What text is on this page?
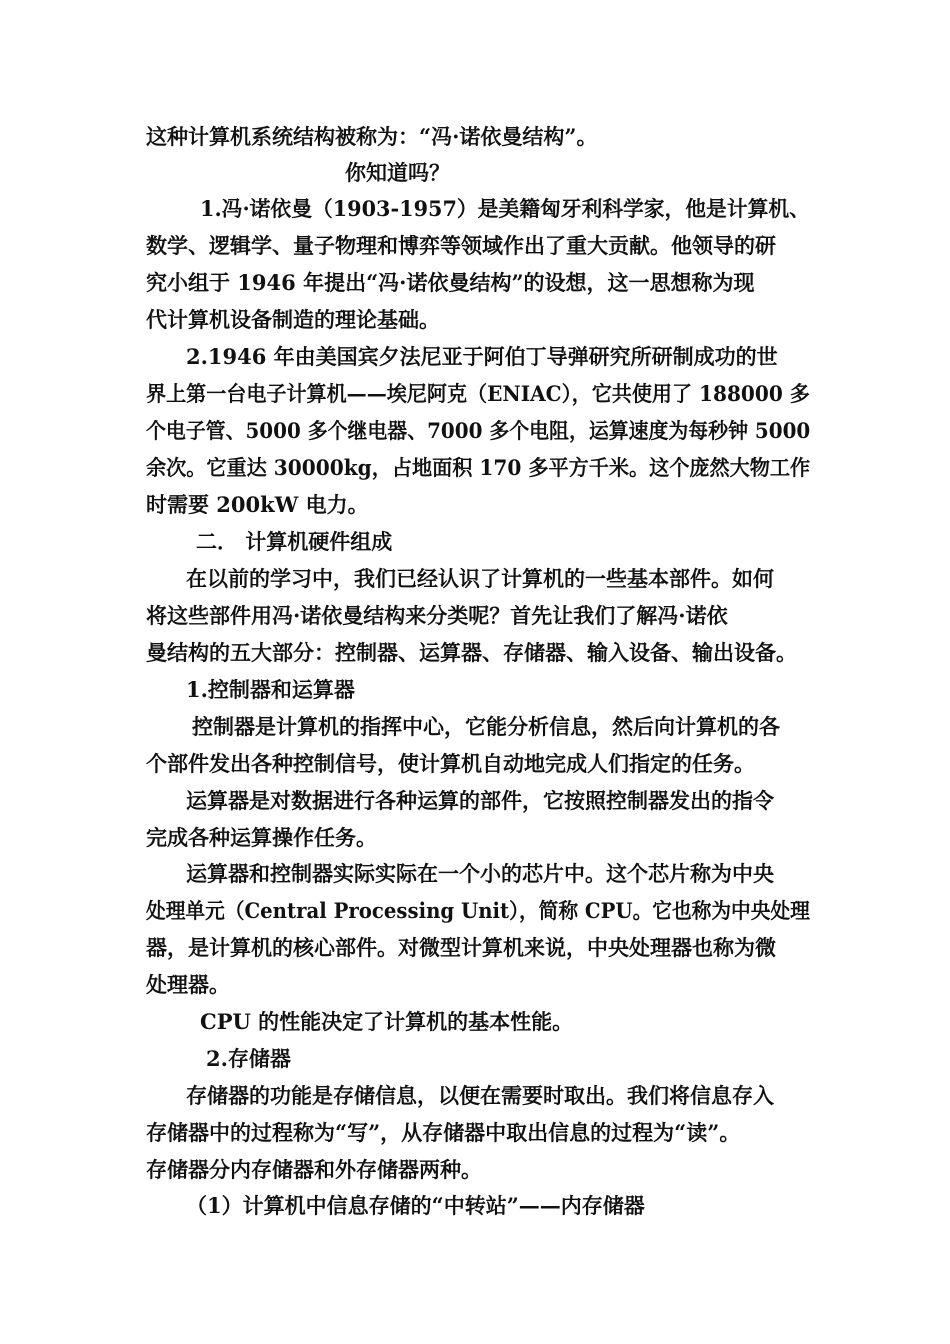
这种计算机系统结构被称为：“冯·诺依曼结构”。
你知道吗？
1.冯·诺依曼（1903-1957）是美籍匈牙利科学家，他是计算机、
数学、逻辑学、量子物理和博弈等领域作出了重大贡献。他领导的研
究小组于 1946 年提出“冯·诺依曼结构”的设想，这一思想称为现
代计算机设备制造的理论基础。
2.1946 年由美国宾夕法尼亚于阿伯丁导弹研究所研制成功的世
界上第一台电子计算机——埃尼阿克（ENIAC），它共使用了 188000 多
个电子管、5000 多个继电器、7000 多个电阻，运算速度为每秒钟 5000
余次。它重达 30000kg，占地面积 170 多平方千米。这个庞然大物工作
时需要 200kW 电力。
二． 计算机硬件组成
在以前的学习中，我们已经认识了计算机的一些基本部件。如何
将这些部件用冯·诺依曼结构来分类呢？首先让我们了解冯·诺依
曼结构的五大部分：控制器、运算器、存储器、输入设备、输出设备。
1.控制器和运算器
控制器是计算机的指挥中心，它能分析信息，然后向计算机的各
个部件发出各种控制信号，使计算机自动地完成人们指定的任务。
运算器是对数据进行各种运算的部件，它按照控制器发出的指令
完成各种运算操作任务。
运算器和控制器实际实际在一个小的芯片中。这个芯片称为中央
处理单元（Central Processing Unit），简称 CPU。它也称为中央处理
器，是计算机的核心部件。对微型计算机来说，中央处理器也称为微
处理器。
CPU 的性能决定了计算机的基本性能。
2.存储器
存储器的功能是存储信息，以便在需要时取出。我们将信息存入
存储器中的过程称为“写”，从存储器中取出信息的过程为“读”。
存储器分内存储器和外存储器两种。
（1）计算机中信息存储的“中转站”——内存储器
